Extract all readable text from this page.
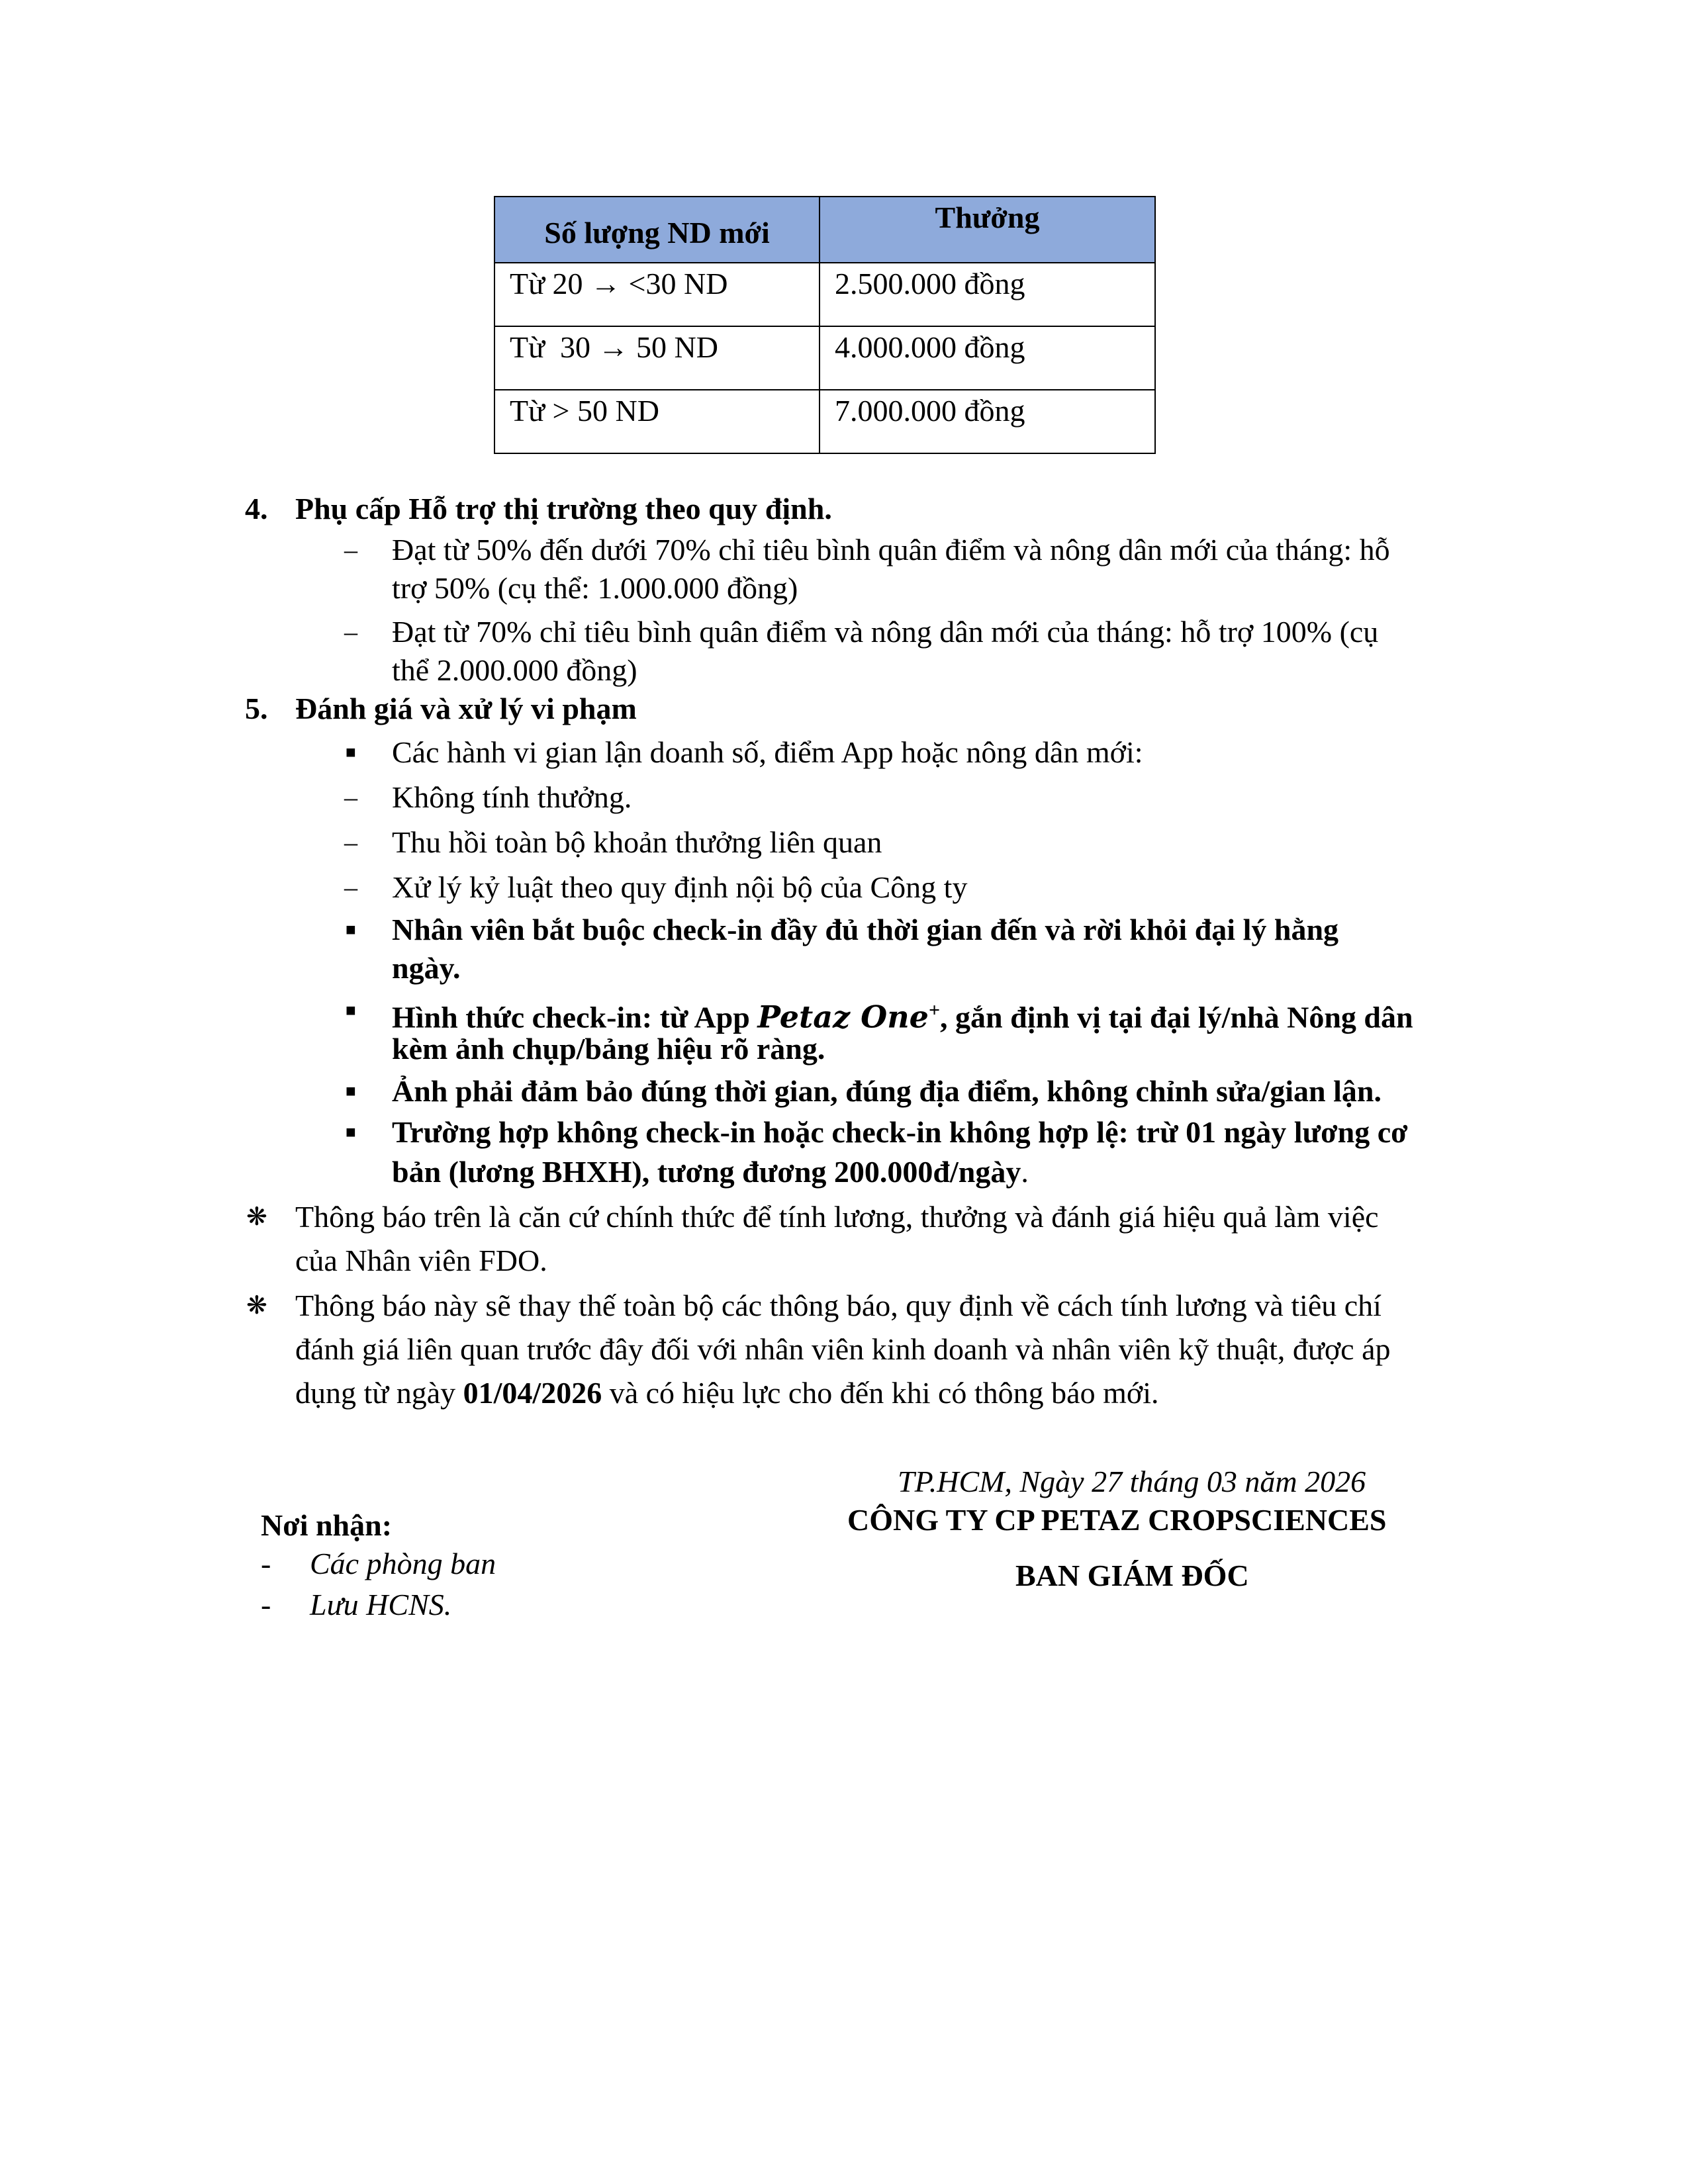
Số lượng ND mới	Thưởng
Từ 20 → <30 ND	2.500.000 đồng
Từ  30 → 50 ND	4.000.000 đồng
Từ > 50 ND	7.000.000 đồng
4. Phụ cấp Hỗ trợ thị trường theo quy định.
– Đạt từ 50% đến dưới 70% chỉ tiêu bình quân điểm và nông dân mới của tháng: hỗ
trợ 50% (cụ thể: 1.000.000 đồng)
– Đạt từ 70% chỉ tiêu bình quân điểm và nông dân mới của tháng: hỗ trợ 100% (cụ
thể 2.000.000 đồng)
5. Đánh giá và xử lý vi phạm
■ Các hành vi gian lận doanh số, điểm App hoặc nông dân mới:
– Không tính thưởng.
– Thu hồi toàn bộ khoản thưởng liên quan
– Xử lý kỷ luật theo quy định nội bộ của Công ty
■ Nhân viên bắt buộc check-in đầy đủ thời gian đến và rời khỏi đại lý hằng
ngày.
■ Hình thức check-in: từ App Petaz One+, gắn định vị tại đại lý/nhà Nông dân
kèm ảnh chụp/bảng hiệu rõ ràng.
■ Ảnh phải đảm bảo đúng thời gian, đúng địa điểm, không chỉnh sửa/gian lận.
■ Trường hợp không check-in hoặc check-in không hợp lệ: trừ 01 ngày lương cơ
bản (lương BHXH), tương đương 200.000đ/ngày.
❋ Thông báo trên là căn cứ chính thức để tính lương, thưởng và đánh giá hiệu quả làm việc
của Nhân viên FDO.
❋ Thông báo này sẽ thay thế toàn bộ các thông báo, quy định về cách tính lương và tiêu chí
đánh giá liên quan trước đây đối với nhân viên kinh doanh và nhân viên kỹ thuật, được áp
dụng từ ngày 01/04/2026 và có hiệu lực cho đến khi có thông báo mới.
TP.HCM, Ngày 27 tháng 03 năm 2026
CÔNG TY CP PETAZ CROPSCIENCES
BAN GIÁM ĐỐC
Nơi nhận:
- Các phòng ban
- Lưu HCNS.
